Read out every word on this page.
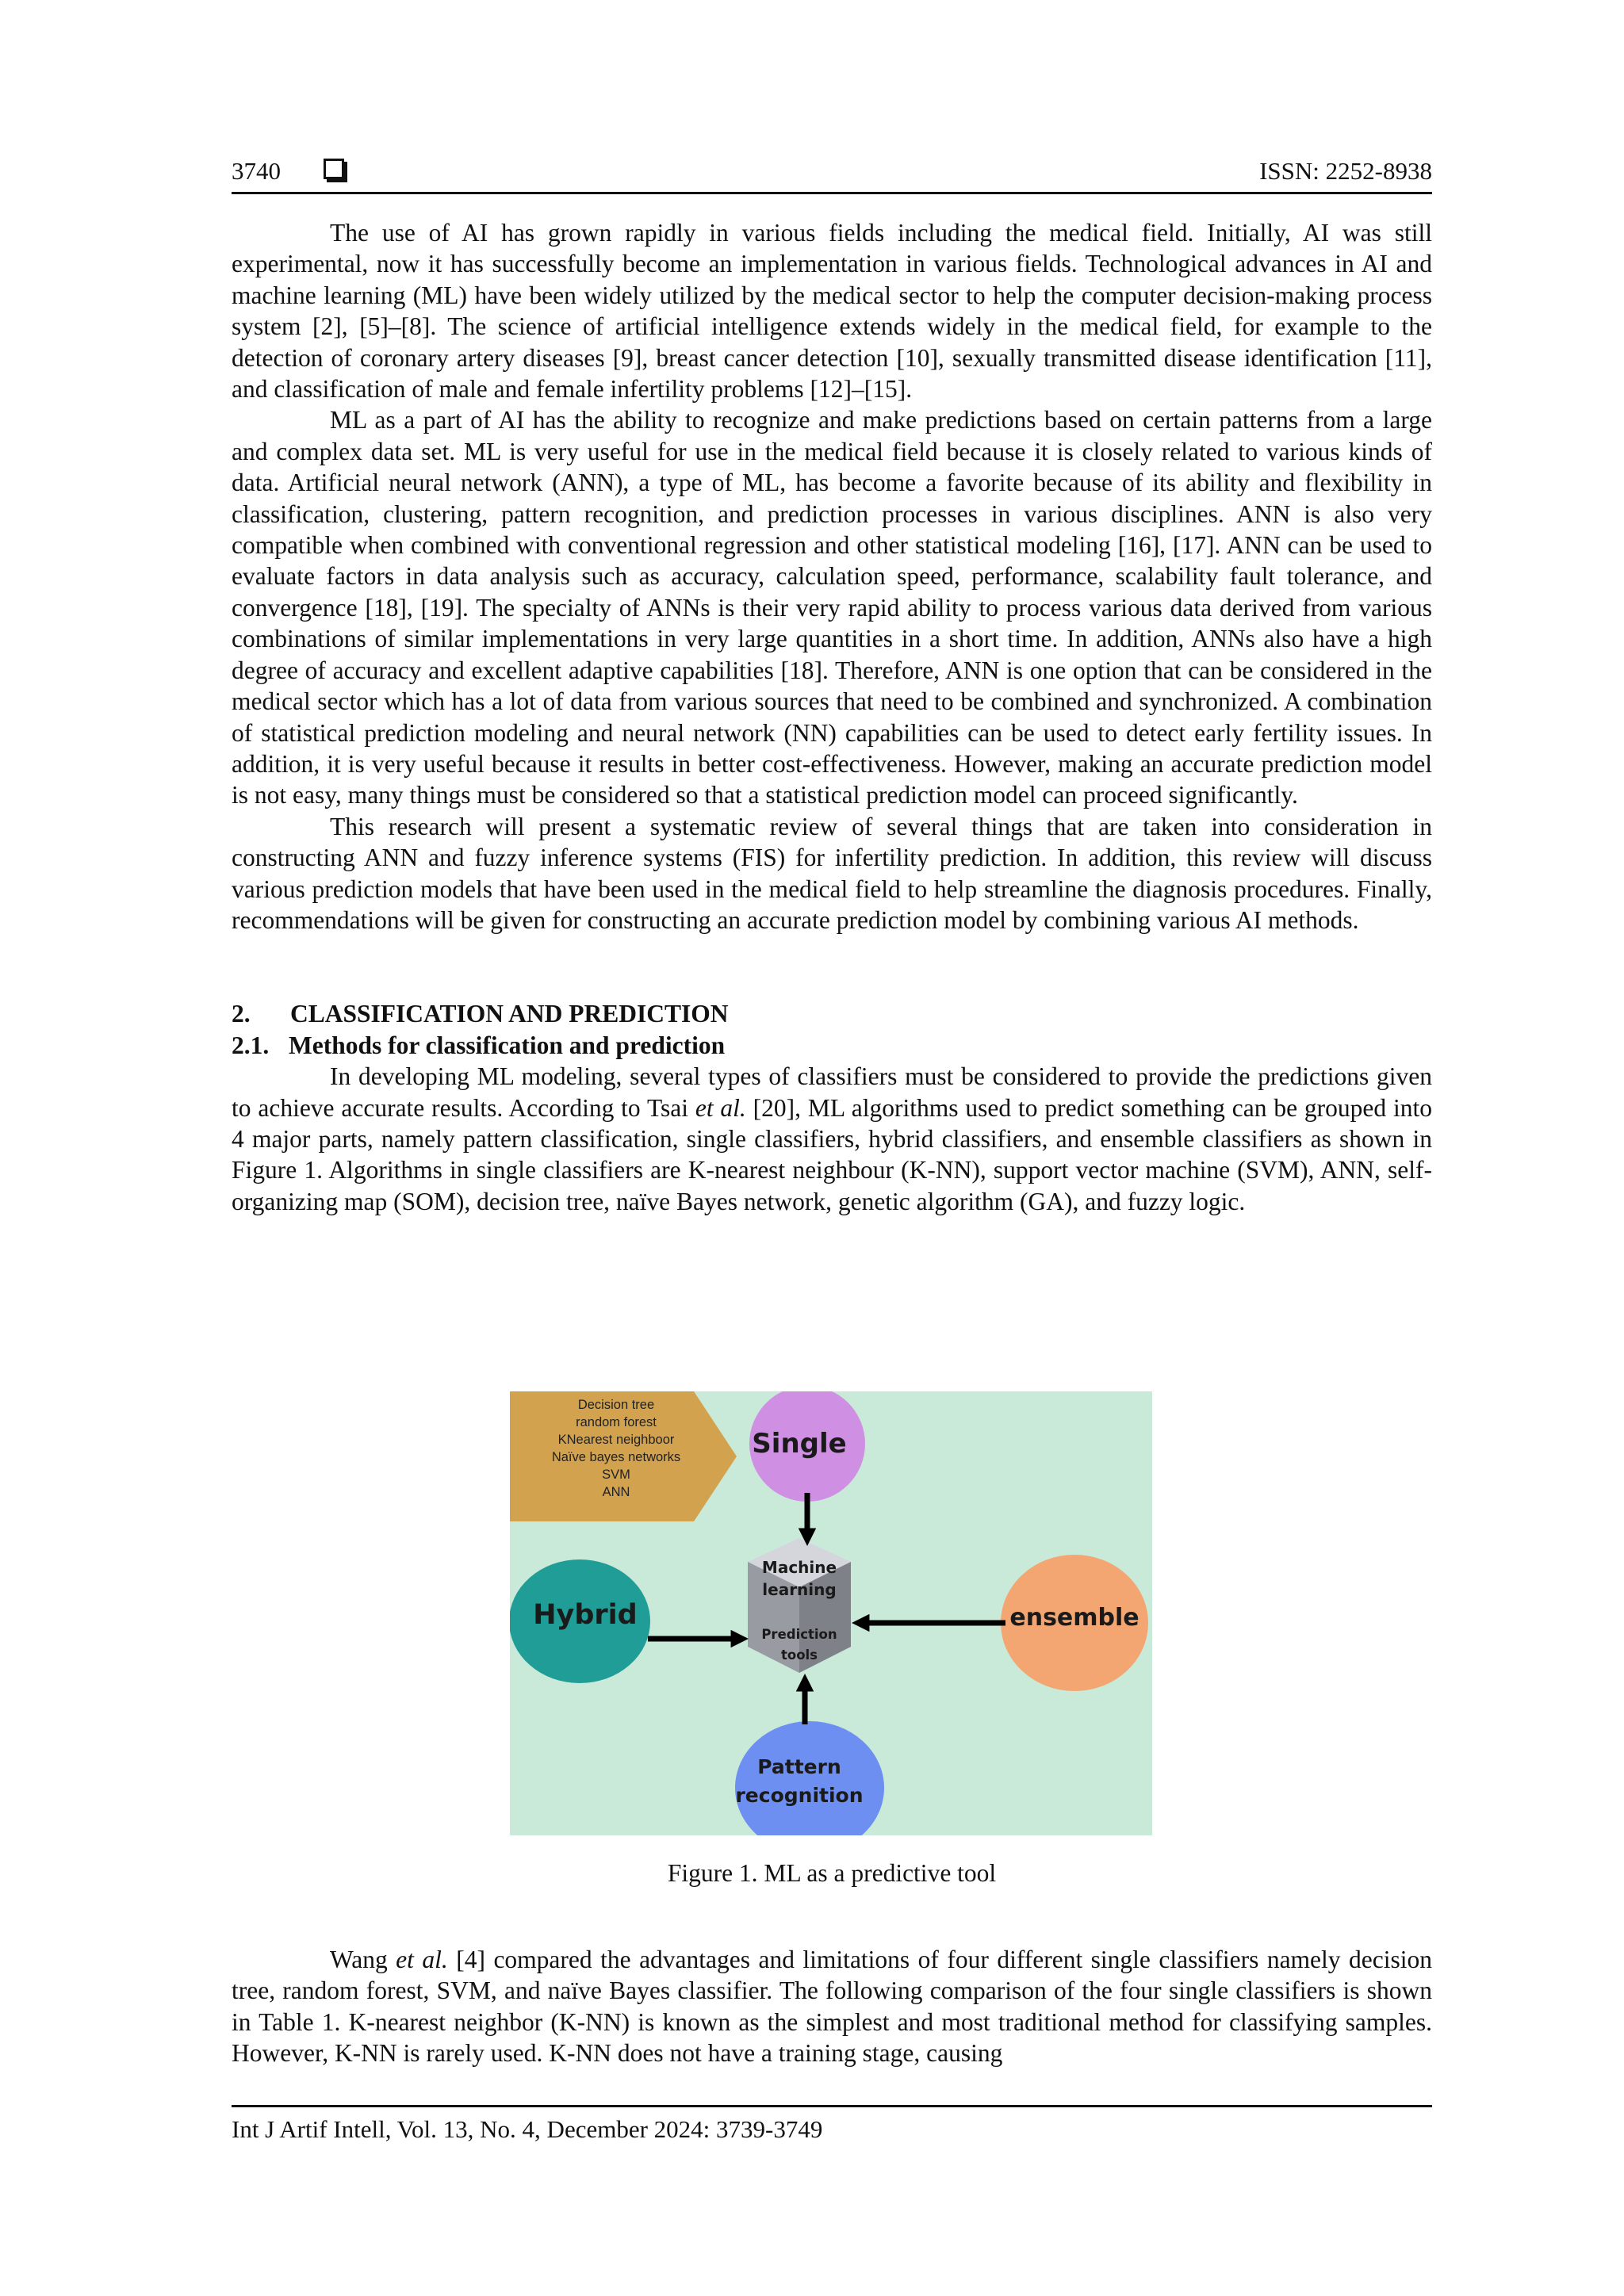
3740	ISSN: 2252-8938

The use of AI has grown rapidly in various fields including the medical field. Initially, AI was still experimental, now it has successfully become an implementation in various fields. Technological advances in AI and machine learning (ML) have been widely utilized by the medical sector to help the computer decision-making process system [2], [5]–[8]. The science of artificial intelligence extends widely in the medical field, for example to the detection of coronary artery diseases [9], breast cancer detection [10], sexually transmitted disease identification [11], and classification of male and female infertility problems [12]–[15].

ML as a part of AI has the ability to recognize and make predictions based on certain patterns from a large and complex data set. ML is very useful for use in the medical field because it is closely related to various kinds of data. Artificial neural network (ANN), a type of ML, has become a favorite because of its ability and flexibility in classification, clustering, pattern recognition, and prediction processes in various disciplines. ANN is also very compatible when combined with conventional regression and other statistical modeling [16], [17]. ANN can be used to evaluate factors in data analysis such as accuracy, calculation speed, performance, scalability fault tolerance, and convergence [18], [19]. The specialty of ANNs is their very rapid ability to process various data derived from various combinations of similar implementations in very large quantities in a short time. In addition, ANNs also have a high degree of accuracy and excellent adaptive capabilities [18]. Therefore, ANN is one option that can be considered in the medical sector which has a lot of data from various sources that need to be combined and synchronized. A combination of statistical prediction modeling and neural network (NN) capabilities can be used to detect early fertility issues. In addition, it is very useful because it results in better cost-effectiveness. However, making an accurate prediction model is not easy, many things must be considered so that a statistical prediction model can proceed significantly.

This research will present a systematic review of several things that are taken into consideration in constructing ANN and fuzzy inference systems (FIS) for infertility prediction. In addition, this review will discuss various prediction models that have been used in the medical field to help streamline the diagnosis procedures. Finally, recommendations will be given for constructing an accurate prediction model by combining various AI methods.

2. CLASSIFICATION AND PREDICTION
2.1. Methods for classification and prediction

In developing ML modeling, several types of classifiers must be considered to provide the predictions given to achieve accurate results. According to Tsai et al. [20], ML algorithms used to predict something can be grouped into 4 major parts, namely pattern classification, single classifiers, hybrid classifiers, and ensemble classifiers as shown in Figure 1. Algorithms in single classifiers are K-nearest neighbour (K-NN), support vector machine (SVM), ANN, self-organizing map (SOM), decision tree, naïve Bayes network, genetic algorithm (GA), and fuzzy logic.

Decision tree
random forest
KNearest neighboor
Naïve bayes networks
SVM
ANN
Single
Hybrid	ensemble
Pattern
recognition
Machine
learning
Prediction
tools
Figure 1. ML as a predictive tool

Wang et al. [4] compared the advantages and limitations of four different single classifiers namely decision tree, random forest, SVM, and naïve Bayes classifier. The following comparison of the four single classifiers is shown in Table 1. K-nearest neighbor (K-NN) is known as the simplest and most traditional method for classifying samples. However, K-NN is rarely used. K-NN does not have a training stage, causing

Int J Artif Intell, Vol. 13, No. 4, December 2024: 3739-3749
